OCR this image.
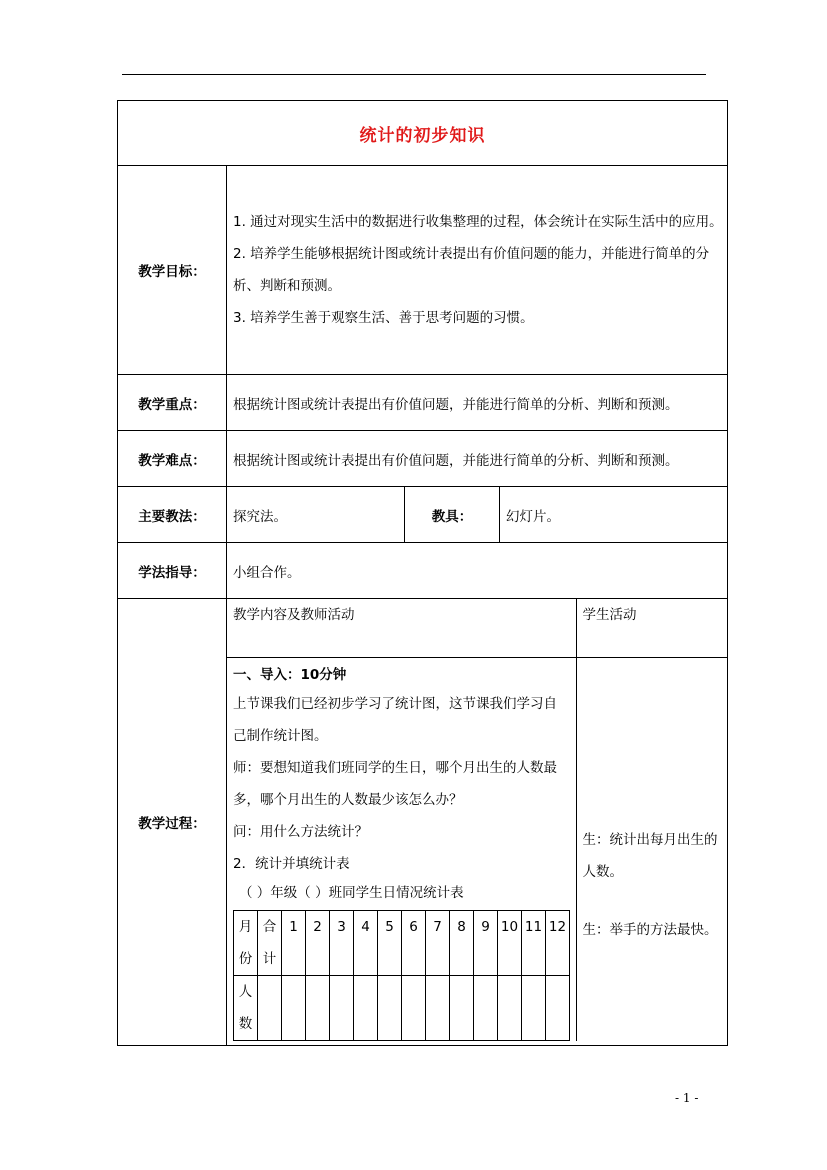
统计的初步知识
教学目标：	

1. 通过对现实生活中的数据进行收集整理的过程，体会统计在实际生活中的应用。

2. 培养学生能够根据统计图或统计表提出有价值问题的能力，并能进行简单的分析、判断和预测。

3. 培养学生善于观察生活、善于思考问题的习惯。

教学重点：	根据统计图或统计表提出有价值问题，并能进行简单的分析、判断和预测。
教学难点：	根据统计图或统计表提出有价值问题，并能进行简单的分析、判断和预测。
主要教法：	探究法。	教具：	幻灯片。
学法指导：	小组合作。
教学过程：	
教学内容及教师活动	学生活动

一、导入：10分钟

上节课我们已经初步学习了统计图，这节课我们学习自己制作统计图。

师：要想知道我们班同学的生日，哪个月出生的人数最多，哪个月出生的人数最少该怎么办？

问：用什么方法统计？

2．统计并填统计表

（ ）年级（ ）班同学生日情况统计表

月份	合计	1	2	3	4	5	6	7	8	9	10	11	12
人数													

生：统计出每月出生的人数。

生：举手的方法最快。

- 1 -
